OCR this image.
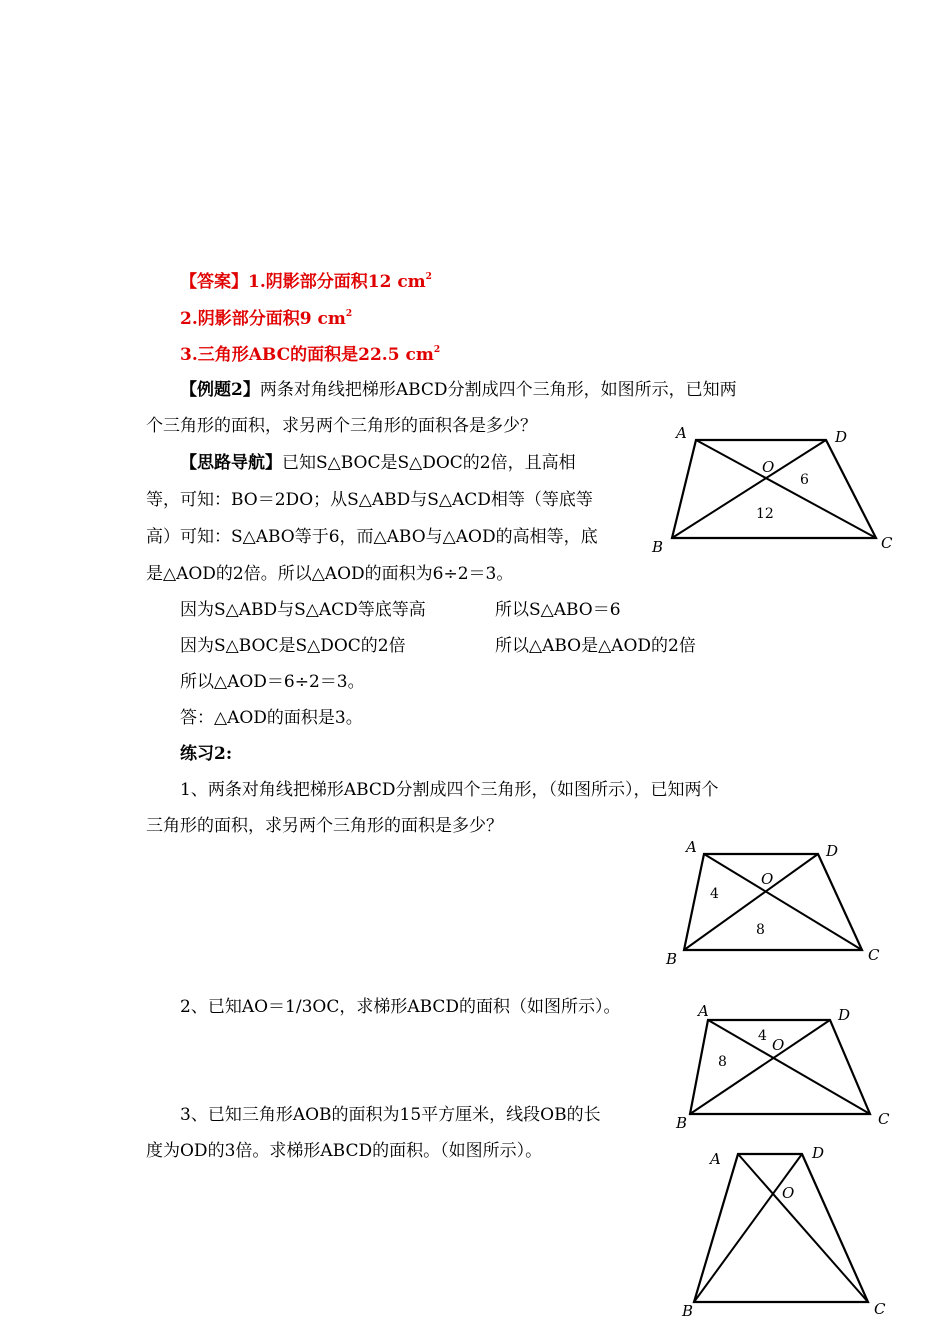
【答案】1.阴影部分面积12 $cm^2$
2.阴影部分面积9 $cm^2$
3.三角形ABC的面积是22.5 $cm^2$
【例题2】两条对角线把梯形ABCD分割成四个三角形，如图所示，已知两
个三角形的面积，求另两个三角形的面积各是多少？
【思路导航】已知S△BOC是S△DOC的2倍，且高相
等，可知：BO＝2DO；从S△ABD与S△ACD相等（等底等
高）可知：S△ABO等于6，而△ABO与△AOD的高相等，底
是△AOD的2倍。所以△AOD的面积为6÷2＝3。
因为S△ABD与S△ACD等底等高	所以S△ABO＝6
因为S△BOC是S△DOC的2倍	所以△ABO是△AOD的2倍
所以△AOD＝6÷2＝3。
答：△AOD的面积是3。
练习2:
1、两条对角线把梯形ABCD分割成四个三角形，（如图所示），已知两个
三角形的面积，求另两个三角形的面积是多少？
2、已知AO＝1/3OC，求梯形ABCD的面积（如图所示）。
3、已知三角形AOB的面积为15平方厘米，线段OB的长
度为OD的3倍。求梯形ABCD的面积。（如图所示）。
A	D
B	C
O
6
12
A	D
B	C
O
4
8
A	D
B	C
O
4
8
A	D
B	C
O
